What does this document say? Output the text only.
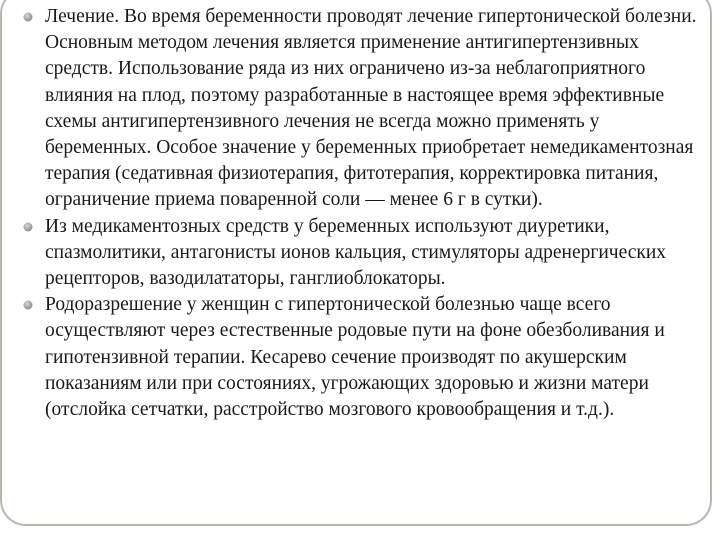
Лечение. Во время беременности проводят лечение гипертонической болезни. Основным методом лечения является применение антигипертензивных средств. Использование ряда из них ограничено из-за неблагоприятного влияния на плод, поэтому разработанные в настоящее время эффективные схемы антигипертензивного лечения не всегда можно применять у беременных. Особое значение у беременных приобретает немедикаментозная терапия (седативная физиотерапия, фитотерапия, корректировка питания, ограничение приема поваренной соли — менее 6 г в сутки).
Из медикаментозных средств у беременных используют диуретики, спазмолитики, антагонисты ионов кальция, стимуляторы адренергических рецепторов, вазодилататоры, ганглиоблокаторы.
Родоразрешение у женщин с гипертонической болезнью чаще всего осуществляют через естественные родовые пути на фоне обезболивания и гипотензивной терапии. Кесарево сечение производят по акушерским показаниям или при состояниях, угрожающих здоровью и жизни матери (отслойка сетчатки, расстройство мозгового кровообращения и т.д.).
